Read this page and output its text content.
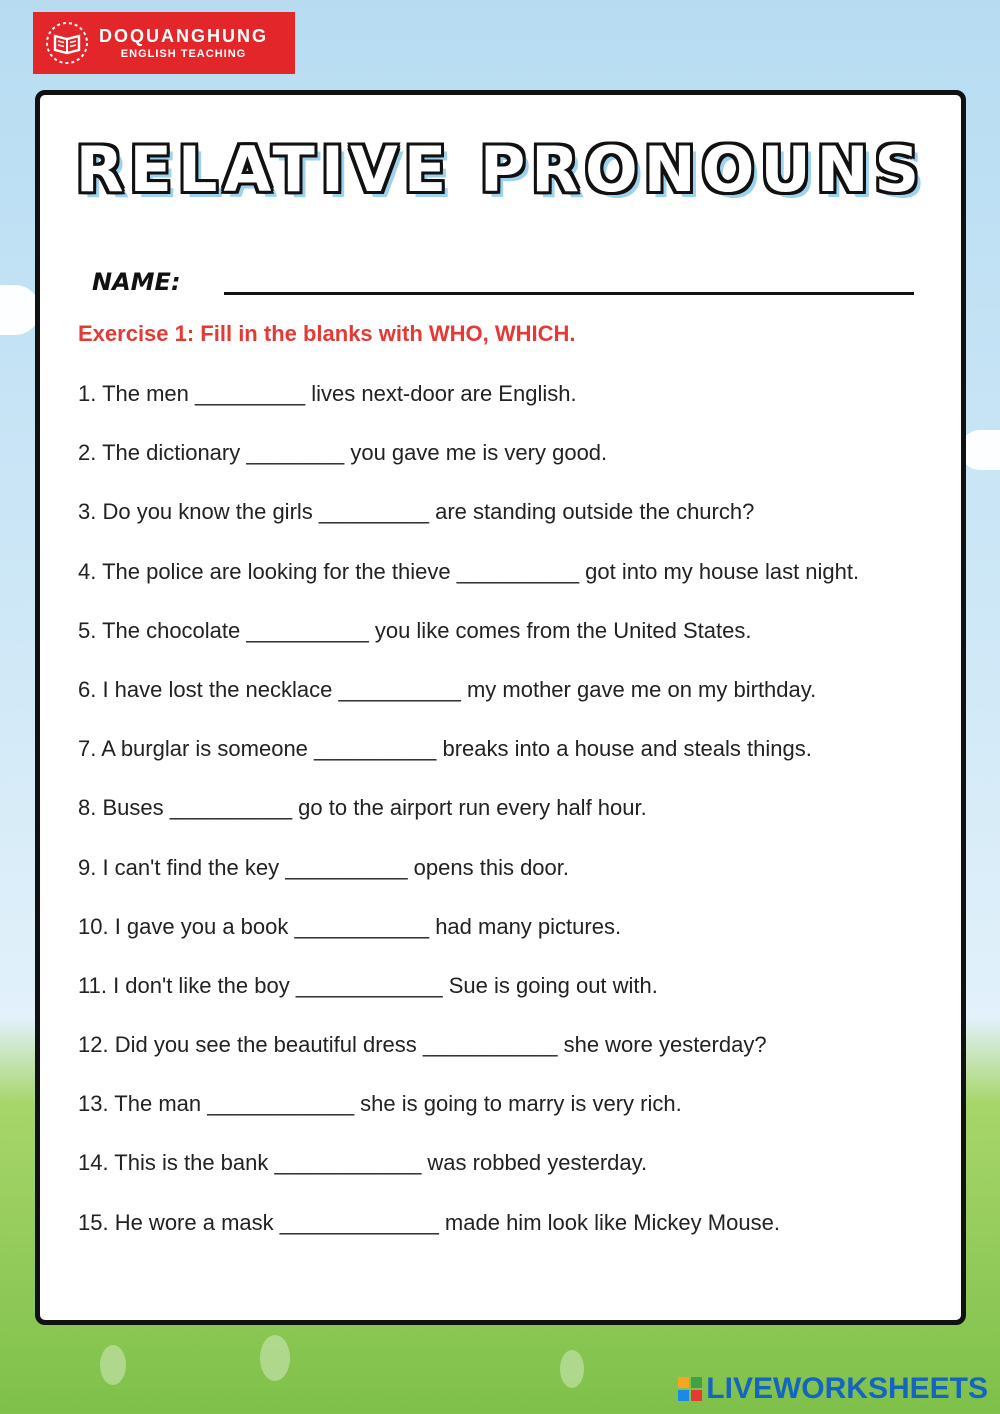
DOQUANGHUNG
ENGLISH TEACHING
RELATIVE PRONOUNS
NAME:
Exercise 1: Fill in the blanks with WHO, WHICH.
1. The men _________ lives next-door are English.
2. The dictionary ________ you gave me is very good.
3. Do you know the girls _________ are standing outside the church?
4. The police are looking for the thieve __________ got into my house last night.
5. The chocolate __________ you like comes from the United States.
6. I have lost the necklace __________ my mother gave me on my birthday.
7. A burglar is someone __________ breaks into a house and steals things.
8. Buses __________ go to the airport run every half hour.
9. I can't find the key __________ opens this door.
10. I gave you a book ___________ had many pictures.
11. I don't like the boy ____________ Sue is going out with.
12. Did you see the beautiful dress ___________ she wore yesterday?
13. The man ____________ she is going to marry is very rich.
14. This is the bank ____________ was robbed yesterday.
15. He wore a mask _____________ made him look like Mickey Mouse.
LIVEWORKSHEETS
